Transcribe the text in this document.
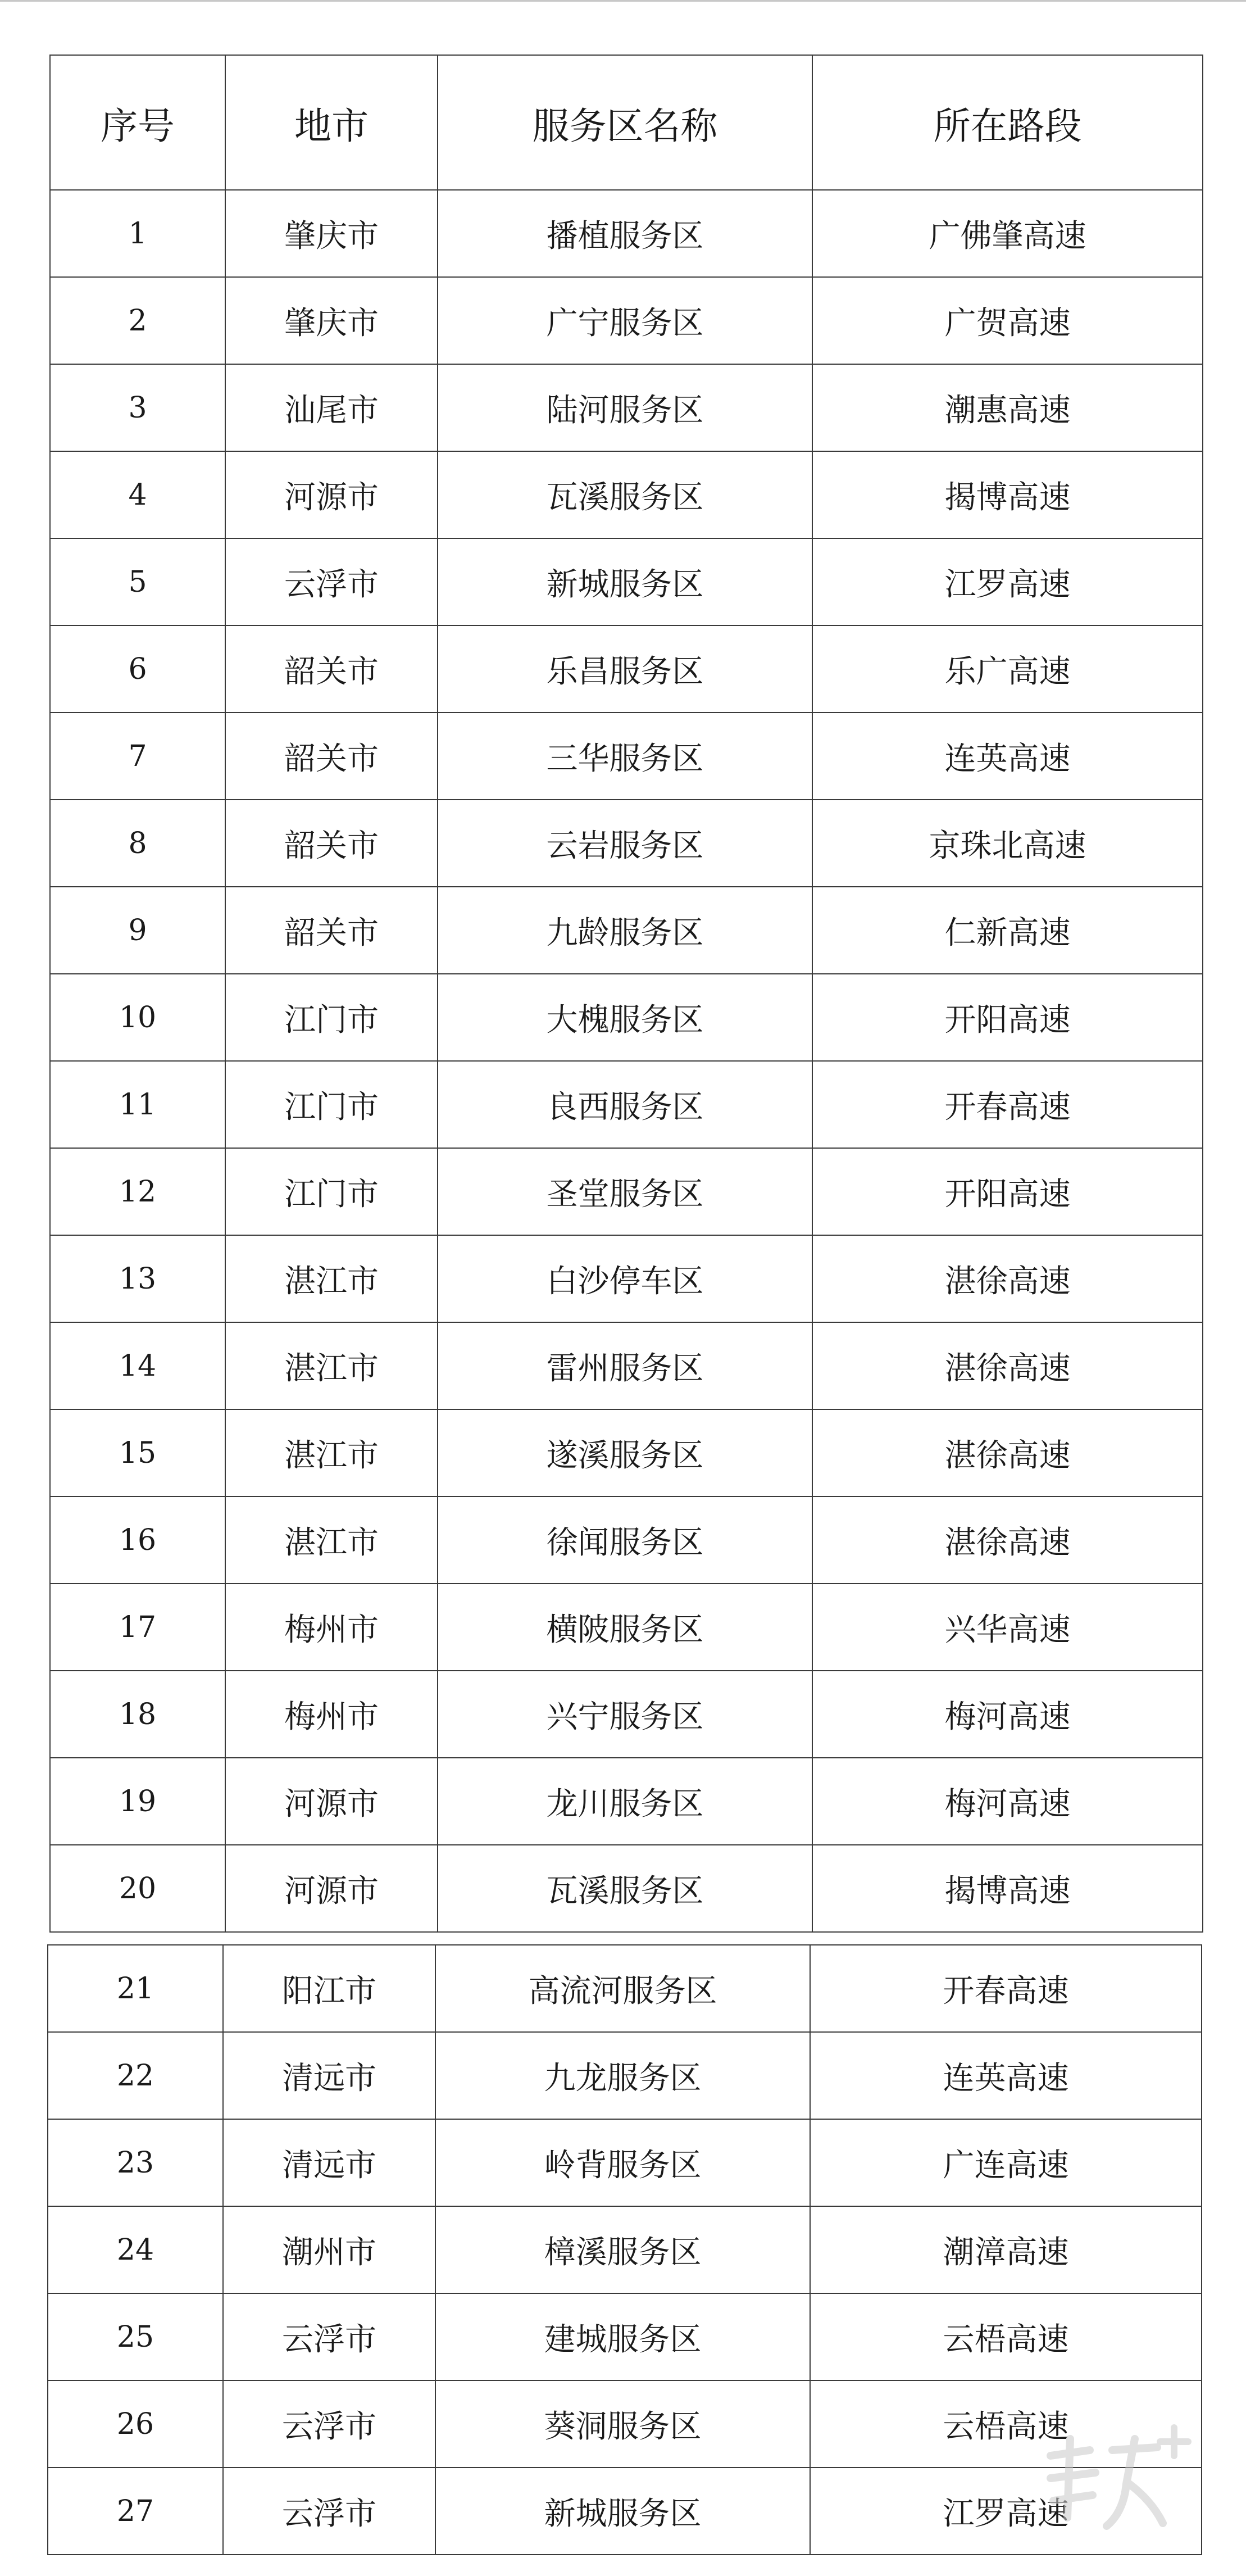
序号	地市	服务区名称	所在路段
1	肇庆市	播植服务区	广佛肇高速
2	肇庆市	广宁服务区	广贺高速
3	汕尾市	陆河服务区	潮惠高速
4	河源市	瓦溪服务区	揭博高速
5	云浮市	新城服务区	江罗高速
6	韶关市	乐昌服务区	乐广高速
7	韶关市	三华服务区	连英高速
8	韶关市	云岩服务区	京珠北高速
9	韶关市	九龄服务区	仁新高速
10	江门市	大槐服务区	开阳高速
11	江门市	良西服务区	开春高速
12	江门市	圣堂服务区	开阳高速
13	湛江市	白沙停车区	湛徐高速
14	湛江市	雷州服务区	湛徐高速
15	湛江市	遂溪服务区	湛徐高速
16	湛江市	徐闻服务区	湛徐高速
17	梅州市	横陂服务区	兴华高速
18	梅州市	兴宁服务区	梅河高速
19	河源市	龙川服务区	梅河高速
20	河源市	瓦溪服务区	揭博高速
21	阳江市	高流河服务区	开春高速
22	清远市	九龙服务区	连英高速
23	清远市	岭背服务区	广连高速
24	潮州市	樟溪服务区	潮漳高速
25	云浮市	建城服务区	云梧高速
26	云浮市	葵洞服务区	云梧高速
27	云浮市	新城服务区	江罗高速
